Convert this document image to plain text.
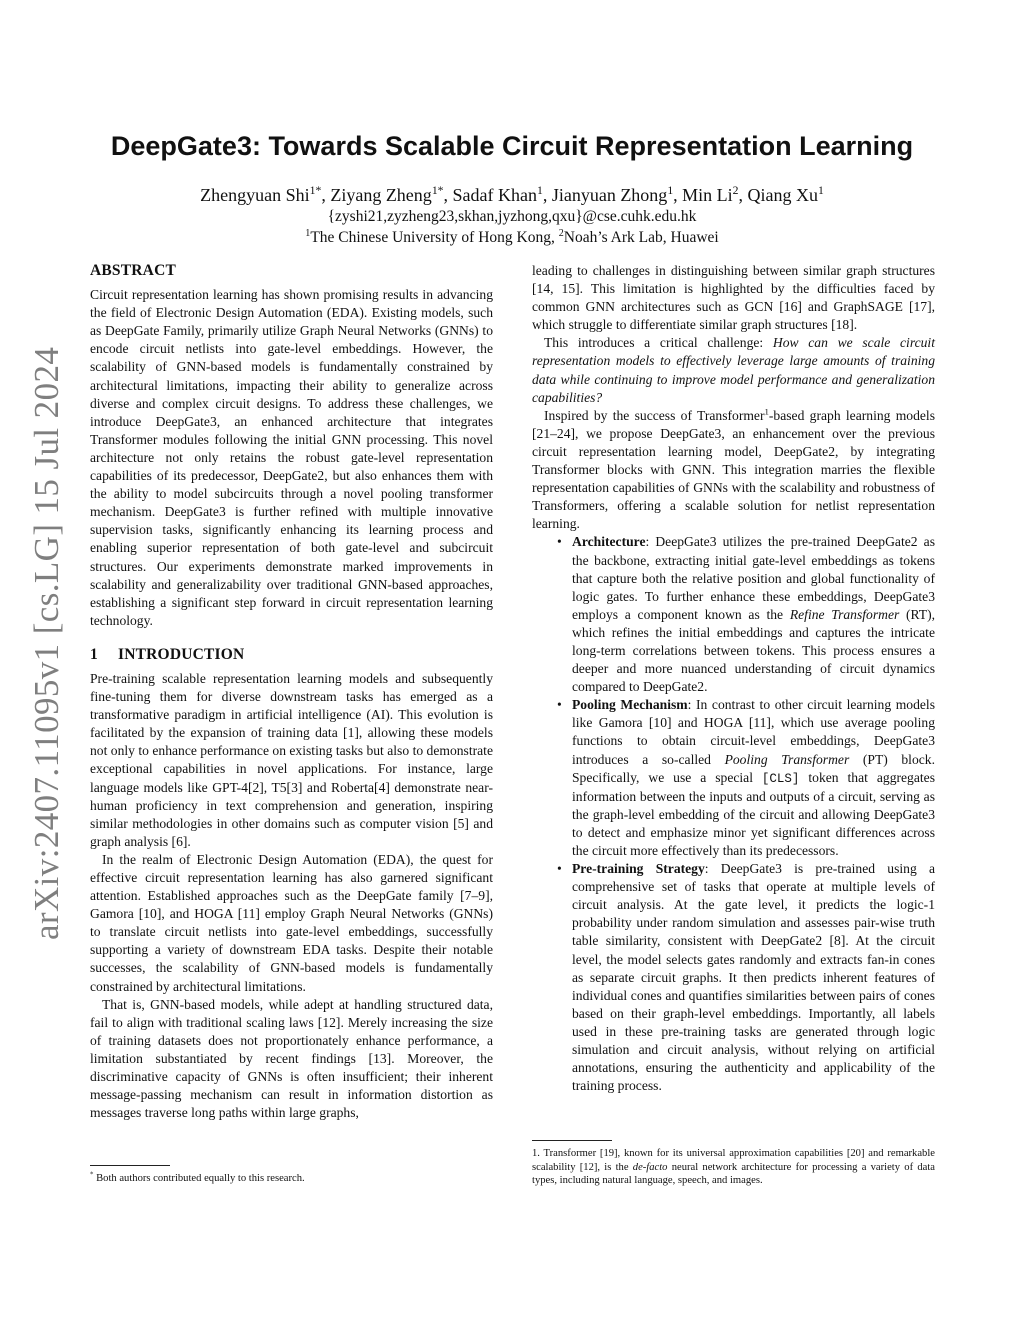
arXiv:2407.11095v1 [cs.LG] 15 Jul 2024
DeepGate3: Towards Scalable Circuit Representation Learning
Zhengyuan Shi$^{1*}$, Ziyang Zheng$^{1*}$, Sadaf Khan$^1$, Jianyuan Zhong$^1$, Min Li$^2$, Qiang Xu$^1$
{zyshi21,zyzheng23,skhan,jyzhong,qxu}@cse.cuhk.edu.hk
$^1$The Chinese University of Hong Kong, $^2$Noah’s Ark Lab, Huawei
ABSTRACT

Circuit representation learning has shown promising results in advancing the field of Electronic Design Automation (EDA). Existing models, such as DeepGate Family, primarily utilize Graph Neural Networks (GNNs) to encode circuit netlists into gate-level embeddings. However, the scalability of GNN-based models is fundamentally constrained by architectural limitations, impacting their ability to generalize across diverse and complex circuit designs. To address these challenges, we introduce DeepGate3, an enhanced architecture that integrates Transformer modules following the initial GNN processing. This novel architecture not only retains the robust gate-level representation capabilities of its predecessor, DeepGate2, but also enhances them with the ability to model subcircuits through a novel pooling transformer mechanism. DeepGate3 is further refined with multiple innovative supervision tasks, significantly enhancing its learning process and enabling superior representation of both gate-level and subcircuit structures. Our experiments demonstrate marked improvements in scalability and generalizability over traditional GNN-based approaches, establishing a significant step forward in circuit representation learning technology.

1 INTRODUCTION

Pre-training scalable representation learning models and subsequently fine-tuning them for diverse downstream tasks has emerged as a transformative paradigm in artificial intelligence (AI). This evolution is facilitated by the expansion of training data [1], allowing these models not only to enhance performance on existing tasks but also to demonstrate exceptional capabilities in novel applications. For instance, large language models like GPT-4[2], T5[3] and Roberta[4] demonstrate near-human proficiency in text comprehension and generation, inspiring similar methodologies in other domains such as computer vision [5] and graph analysis [6].

In the realm of Electronic Design Automation (EDA), the quest for effective circuit representation learning has also garnered significant attention. Established approaches such as the DeepGate family [7–9], Gamora [10], and HOGA [11] employ Graph Neural Networks (GNNs) to translate circuit netlists into gate-level embeddings, successfully supporting a variety of downstream EDA tasks. Despite their notable successes, the scalability of GNN-based models is fundamentally constrained by architectural limitations.

That is, GNN-based models, while adept at handling structured data, fail to align with traditional scaling laws [12]. Merely increasing the size of training datasets does not proportionately enhance performance, a limitation substantiated by recent findings [13]. Moreover, the discriminative capacity of GNNs is often insufficient; their inherent message-passing mechanism can result in information distortion as messages traverse long paths within large graphs,

leading to challenges in distinguishing between similar graph structures [14, 15]. This limitation is highlighted by the difficulties faced by common GNN architectures such as GCN [16] and GraphSAGE [17], which struggle to differentiate similar graph structures [18].

This introduces a critical challenge: How can we scale circuit representation models to effectively leverage large amounts of training data while continuing to improve model performance and generalization capabilities?

Inspired by the success of Transformer$^1$-based graph learning models [21–24], we propose DeepGate3, an enhancement over the previous circuit representation learning model, DeepGate2, by integrating Transformer blocks with GNN. This integration marries the flexible representation capabilities of GNNs with the scalability and robustness of Transformers, offering a scalable solution for netlist representation learning.

• Architecture: DeepGate3 utilizes the pre-trained DeepGate2 as the backbone, extracting initial gate-level embeddings as tokens that capture both the relative position and global functionality of logic gates. To further enhance these embeddings, DeepGate3 employs a component known as the Refine Transformer (RT), which refines the initial embeddings and captures the intricate long-term correlations between tokens. This process ensures a deeper and more nuanced understanding of circuit dynamics compared to DeepGate2.
• Pooling Mechanism: In contrast to other circuit learning models like Gamora [10] and HOGA [11], which use average pooling functions to obtain circuit-level embeddings, DeepGate3 introduces a so-called Pooling Transformer (PT) block. Specifically, we use a special [CLS] token that aggregates information between the inputs and outputs of a circuit, serving as the graph-level embedding of the circuit and allowing DeepGate3 to detect and emphasize minor yet significant differences across the circuit more effectively than its predecessors.
• Pre-training Strategy: DeepGate3 is pre-trained using a comprehensive set of tasks that operate at multiple levels of circuit analysis. At the gate level, it predicts the logic-1 probability under random simulation and assesses pair-wise truth table similarity, consistent with DeepGate2 [8]. At the circuit level, the model selects gates randomly and extracts fan-in cones as separate circuit graphs. It then predicts inherent features of individual cones and quantifies similarities between pairs of cones based on their graph-level embeddings. Importantly, all labels used in these pre-training tasks are generated through logic simulation and circuit analysis, without relying on artificial annotations, ensuring the authenticity and applicability of the training process.
* Both authors contributed equally to this research.
1. Transformer [19], known for its universal approximation capabilities [20] and remarkable scalability [12], is the de-facto neural network architecture for processing a variety of data types, including natural language, speech, and images.
